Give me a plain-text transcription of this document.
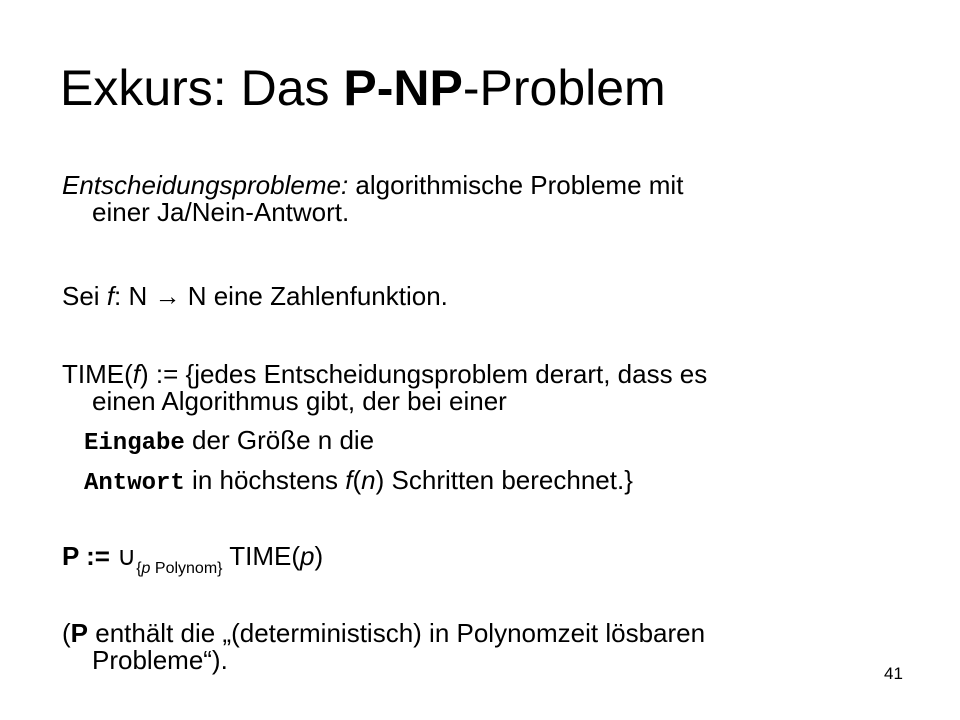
Exkurs: Das P-NP-Problem
Entscheidungsprobleme: algorithmische Probleme mit
einer Ja/Nein-Antwort.
Sei f: N → N eine Zahlenfunktion.
TIME(f) := {jedes Entscheidungsproblem derart, dass es
einen Algorithmus gibt, der bei einer
Eingabe der Größe n die
Antwort in höchstens f(n) Schritten berechnet.}
P := $\cup_{\{p Polynom\}}$ TIME(p)
(P enthält die „(deterministisch) in Polynomzeit lösbaren
Probleme“).	41
